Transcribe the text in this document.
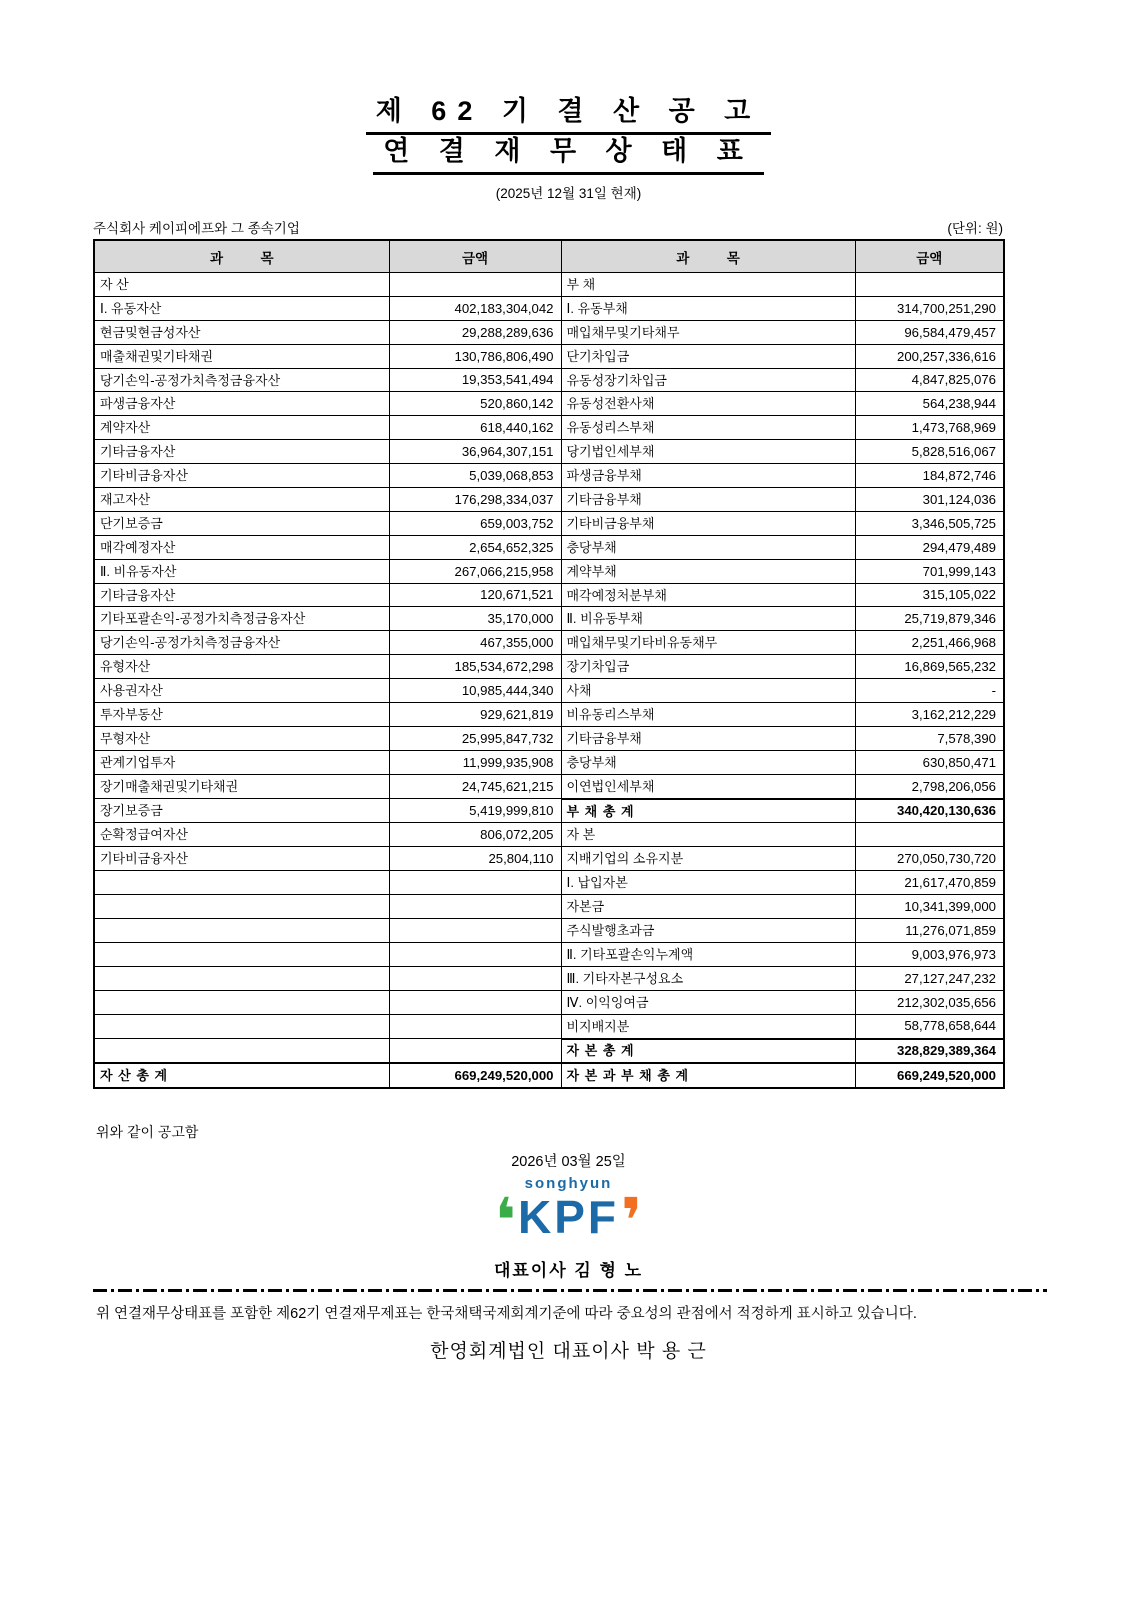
제 62 기 결 산 공 고
연 결 재 무 상 태 표
(2025년 12월 31일 현재)
주식회사 케이피에프와 그 종속기업	(단위: 원)
과          목	금액	과          목	금액
자 산		부 채	
Ⅰ. 유동자산	402,183,304,042	Ⅰ. 유동부채	314,700,251,290
현금및현금성자산	29,288,289,636	매입채무및기타채무	96,584,479,457
매출채권및기타채권	130,786,806,490	단기차입금	200,257,336,616
당기손익-공정가치측정금융자산	19,353,541,494	유동성장기차입금	4,847,825,076
파생금융자산	520,860,142	유동성전환사채	564,238,944
계약자산	618,440,162	유동성리스부채	1,473,768,969
기타금융자산	36,964,307,151	당기법인세부채	5,828,516,067
기타비금융자산	5,039,068,853	파생금융부채	184,872,746
재고자산	176,298,334,037	기타금융부채	301,124,036
단기보증금	659,003,752	기타비금융부채	3,346,505,725
매각예정자산	2,654,652,325	충당부채	294,479,489
Ⅱ. 비유동자산	267,066,215,958	계약부채	701,999,143
기타금융자산	120,671,521	매각예정처분부채	315,105,022
기타포괄손익-공정가치측정금융자산	35,170,000	Ⅱ. 비유동부채	25,719,879,346
당기손익-공정가치측정금융자산	467,355,000	매입채무및기타비유동채무	2,251,466,968
유형자산	185,534,672,298	장기차입금	16,869,565,232
사용권자산	10,985,444,340	사채	-
투자부동산	929,621,819	비유동리스부채	3,162,212,229
무형자산	25,995,847,732	기타금융부채	7,578,390
관계기업투자	11,999,935,908	충당부채	630,850,471
장기매출채권및기타채권	24,745,621,215	이연법인세부채	2,798,206,056
장기보증금	5,419,999,810	부 채 총 계	340,420,130,636
순확정급여자산	806,072,205	자 본	
기타비금융자산	25,804,110	지배기업의 소유지분	270,050,730,720
		Ⅰ. 납입자본	21,617,470,859
		자본금	10,341,399,000
		주식발행초과금	11,276,071,859
		Ⅱ. 기타포괄손익누계액	9,003,976,973
		Ⅲ. 기타자본구성요소	27,127,247,232
		Ⅳ. 이익잉여금	212,302,035,656
		비지배지분	58,778,658,644
		자 본 총 계	328,829,389,364
자 산 총 계	669,249,520,000	자 본 과 부 채 총 계	669,249,520,000
위와 같이 공고함
2026년 03월 25일
❛
songhyun
KPF ❜
대표이사 김 형 노
위 연결재무상태표를 포함한 제62기 연결재무제표는 한국채택국제회계기준에 따라 중요성의 관점에서 적정하게 표시하고 있습니다.
한영회계법인 대표이사 박 용 근
